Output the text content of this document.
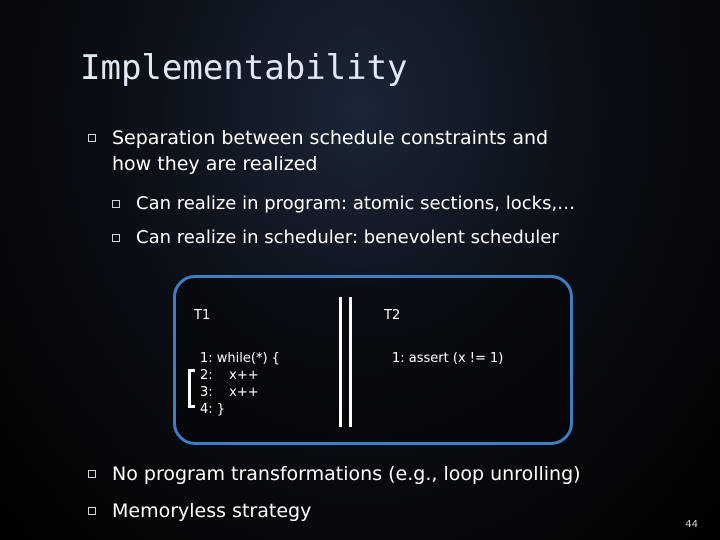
Implementability
Separation between schedule constraints and how they are realized
Can realize in program: atomic sections, locks,…
Can realize in scheduler: benevolent scheduler
T1	T2
1: while(*) {
2:    x++
3:    x++
4: }
1: assert (x != 1)
No program transformations (e.g., loop unrolling)
Memoryless strategy
44
